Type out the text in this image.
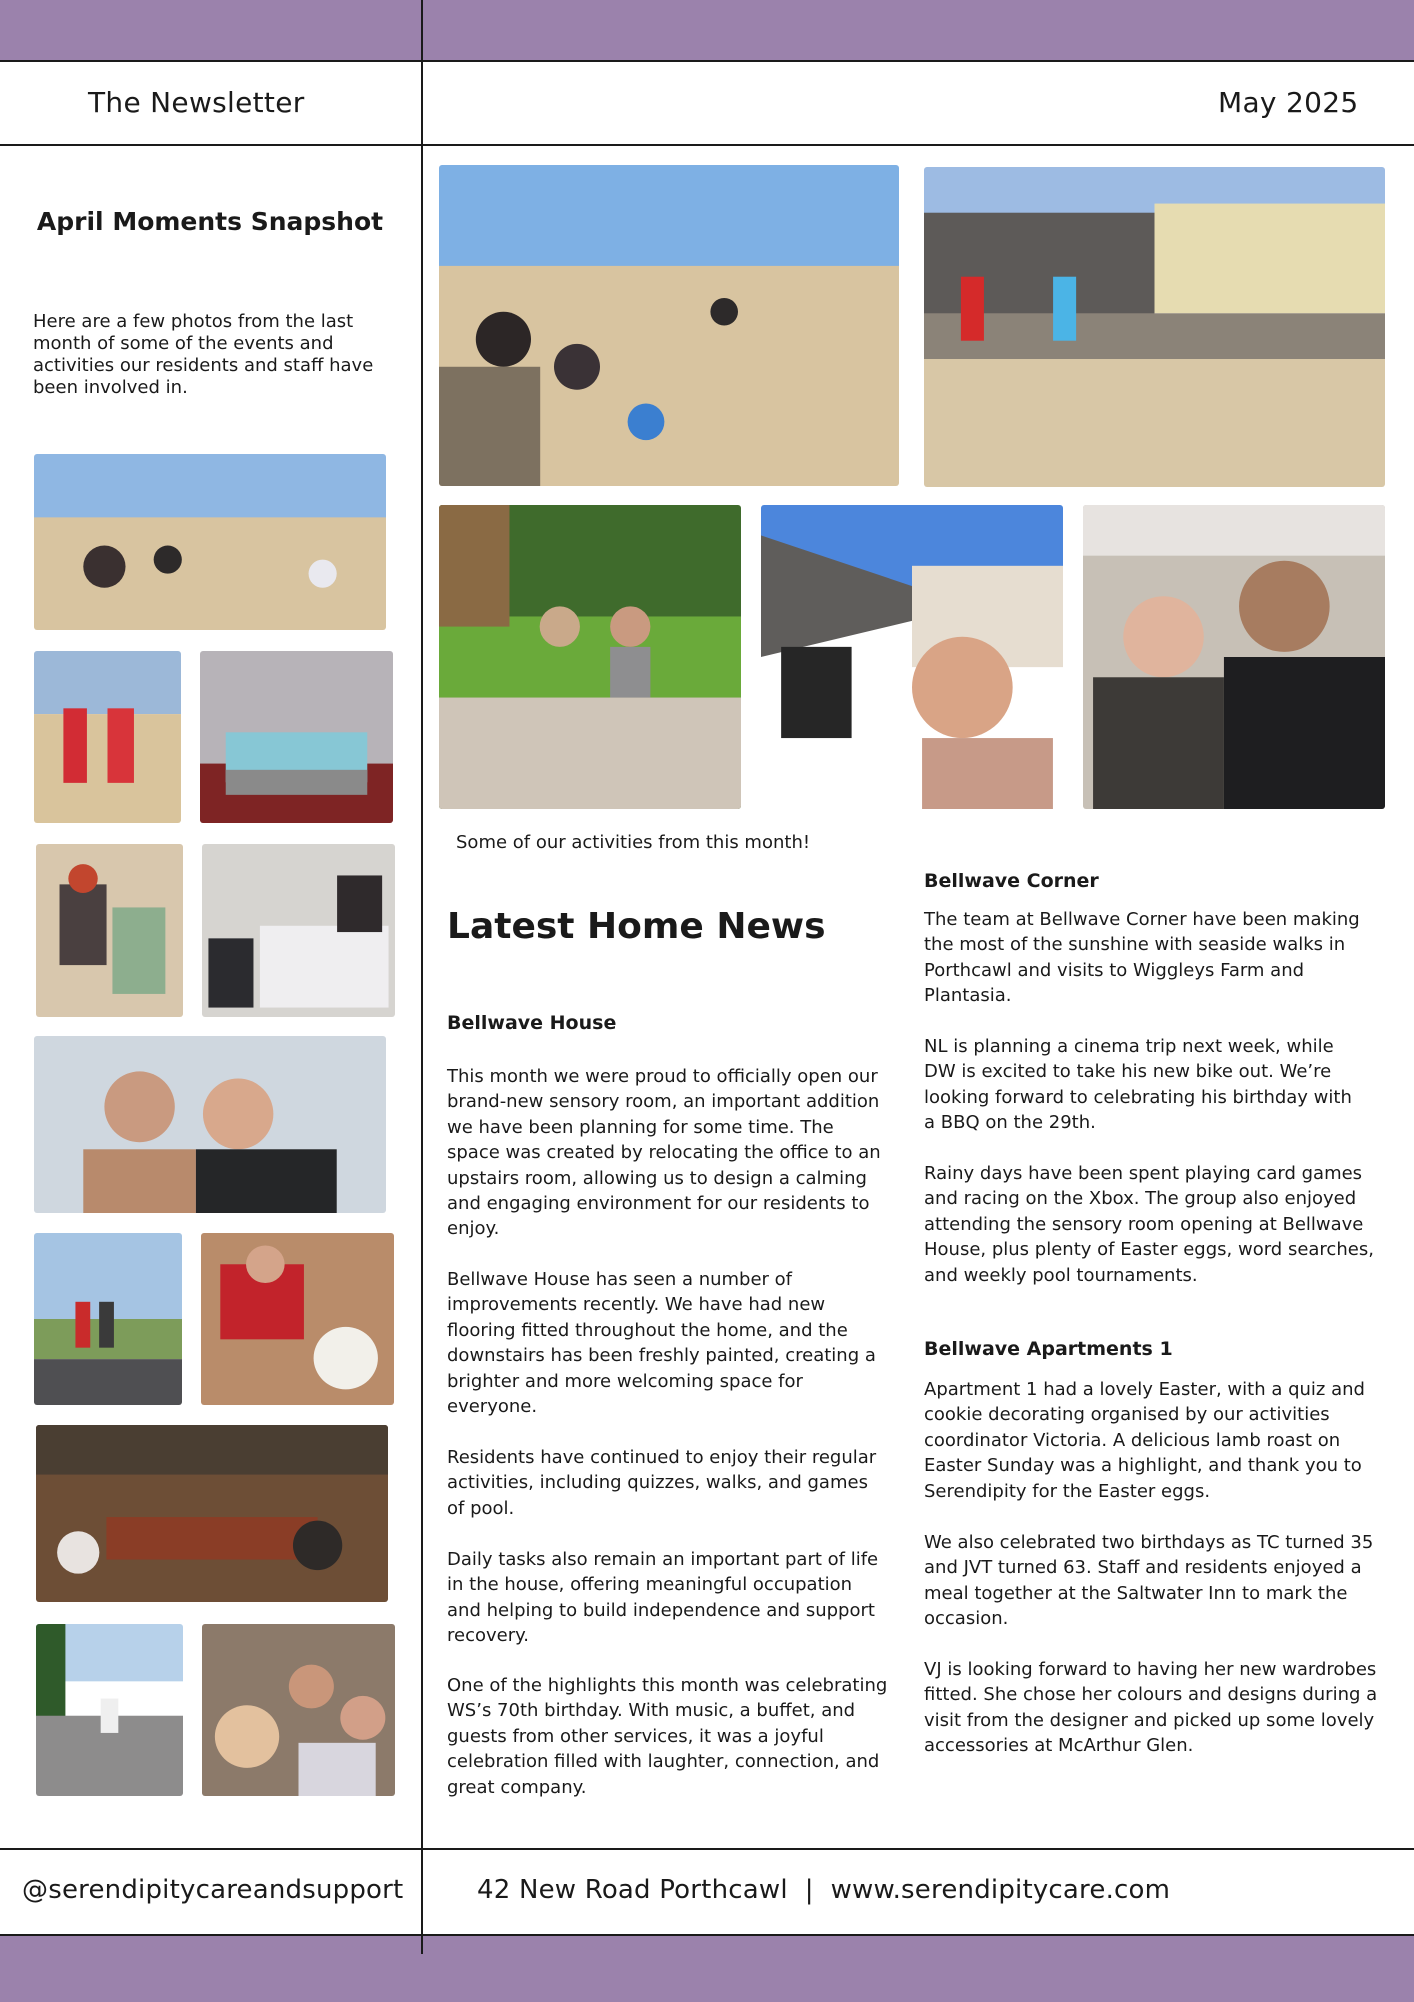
The Newsletter	May 2025
April Moments Snapshot
Here are a few photos from the last month of some of the events and activities our residents and staff have been involved in.
Some of our activities from this month!
Latest Home News
Bellwave House
This month we were proud to officially open our brand-new sensory room, an important addition we have been planning for some time. The space was created by relocating the office to an upstairs room, allowing us to design a calming and engaging environment for our residents to enjoy.
Bellwave House has seen a number of improvements recently. We have had new flooring fitted throughout the home, and the downstairs has been freshly painted, creating a brighter and more welcoming space for everyone.
Residents have continued to enjoy their regular activities, including quizzes, walks, and games of pool.
Daily tasks also remain an important part of life in the house, offering meaningful occupation and helping to build independence and support recovery.
One of the highlights this month was celebrating WS’s 70th birthday. With music, a buffet, and guests from other services, it was a joyful celebration filled with laughter, connection, and great company.
Bellwave Corner
The team at Bellwave Corner have been making the most of the sunshine with seaside walks in Porthcawl and visits to Wiggleys Farm and Plantasia.
NL is planning a cinema trip next week, while DW is excited to take his new bike out. We’re looking forward to celebrating his birthday with a BBQ on the 29th.
Rainy days have been spent playing card games and racing on the Xbox. The group also enjoyed attending the sensory room opening at Bellwave House, plus plenty of Easter eggs, word searches, and weekly pool tournaments.
Bellwave Apartments 1
Apartment 1 had a lovely Easter, with a quiz and cookie decorating organised by our activities coordinator Victoria. A delicious lamb roast on Easter Sunday was a highlight, and thank you to Serendipity for the Easter eggs.
We also celebrated two birthdays as TC turned 35 and JVT turned 63. Staff and residents enjoyed a meal together at the Saltwater Inn to mark the occasion.
VJ is looking forward to having her new wardrobes fitted. She chose her colours and designs during a visit from the designer and picked up some lovely accessories at McArthur Glen.
@serendipitycareandsupport	42 New Road Porthcawl  |  www.serendipitycare.com
